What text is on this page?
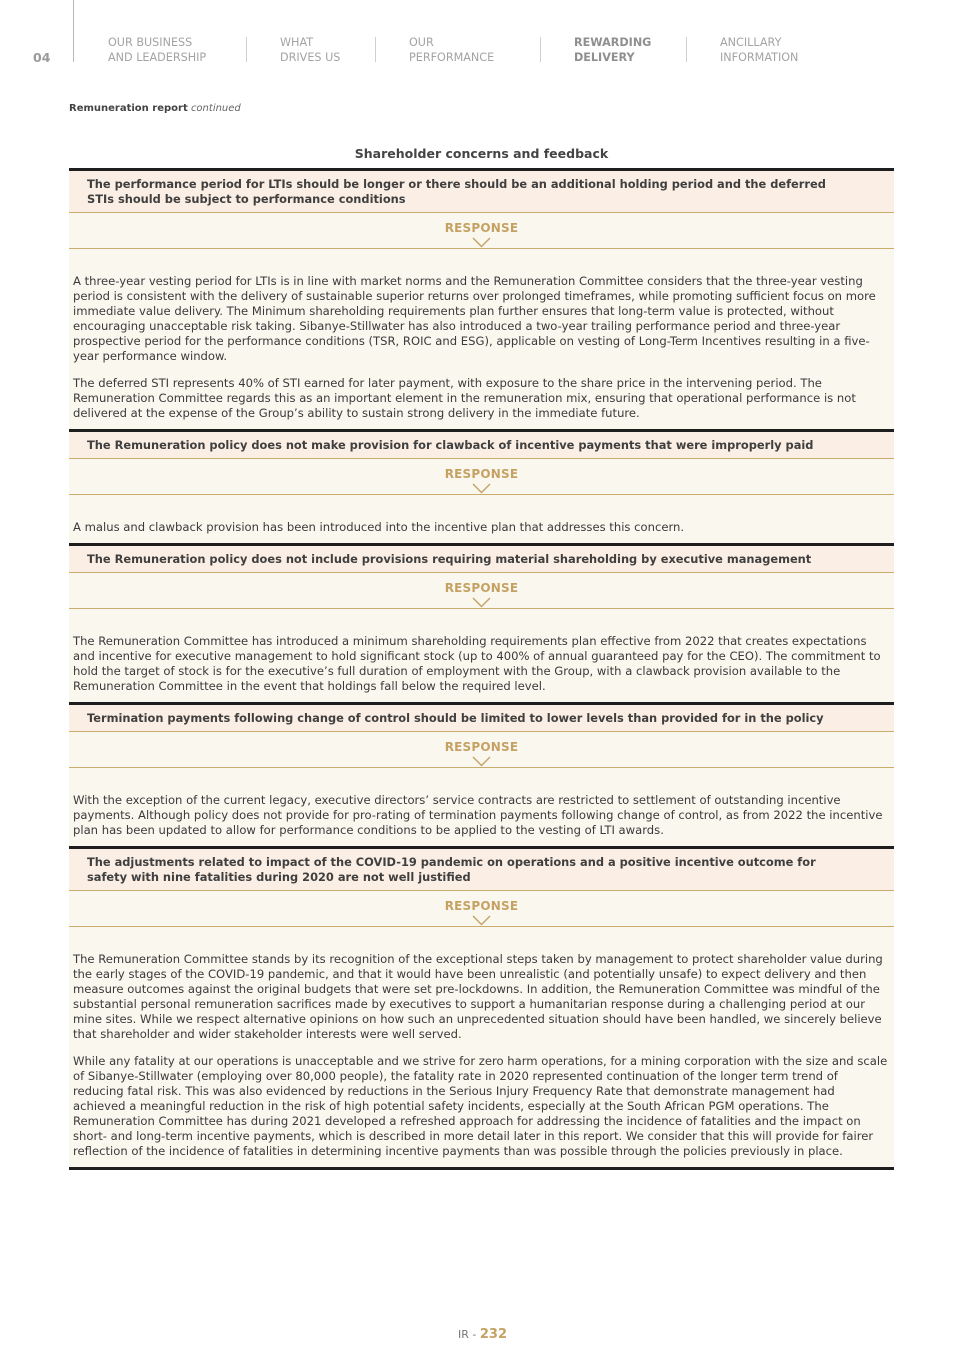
04
OUR BUSINESS
AND LEADERSHIP
WHAT
DRIVES US
OUR
PERFORMANCE
REWARDING
DELIVERY
ANCILLARY
INFORMATION
Remuneration report continued
Shareholder concerns and feedback
The performance period for LTIs should be longer or there should be an additional holding period and the deferred STIs should be subject to performance conditions
RESPONSE

A three-year vesting period for LTIs is in line with market norms and the Remuneration Committee considers that the three-year vesting period is consistent with the delivery of sustainable superior returns over prolonged timeframes, while promoting sufficient focus on more immediate value delivery. The Minimum shareholding requirements plan further ensures that long-term value is protected, without encouraging unacceptable risk taking. Sibanye-Stillwater has also introduced a two-year trailing performance period and three-year prospective period for the performance conditions (TSR, ROIC and ESG), applicable on vesting of Long-Term Incentives resulting in a five-year performance window.

The deferred STI represents 40% of STI earned for later payment, with exposure to the share price in the intervening period. The Remuneration Committee regards this as an important element in the remuneration mix, ensuring that operational performance is not delivered at the expense of the Group’s ability to sustain strong delivery in the immediate future.

The Remuneration policy does not make provision for clawback of incentive payments that were improperly paid
RESPONSE

A malus and clawback provision has been introduced into the incentive plan that addresses this concern.

The Remuneration policy does not include provisions requiring material shareholding by executive management
RESPONSE

The Remuneration Committee has introduced a minimum shareholding requirements plan effective from 2022 that creates expectations and incentive for executive management to hold significant stock (up to 400% of annual guaranteed pay for the CEO). The commitment to hold the target of stock is for the executive’s full duration of employment with the Group, with a clawback provision available to the Remuneration Committee in the event that holdings fall below the required level.

Termination payments following change of control should be limited to lower levels than provided for in the policy
RESPONSE

With the exception of the current legacy, executive directors’ service contracts are restricted to settlement of outstanding incentive payments. Although policy does not provide for pro-rating of termination payments following change of control, as from 2022 the incentive plan has been updated to allow for performance conditions to be applied to the vesting of LTI awards.

The adjustments related to impact of the COVID-19 pandemic on operations and a positive incentive outcome for safety with nine fatalities during 2020 are not well justified
RESPONSE

The Remuneration Committee stands by its recognition of the exceptional steps taken by management to protect shareholder value during the early stages of the COVID-19 pandemic, and that it would have been unrealistic (and potentially unsafe) to expect delivery and then measure outcomes against the original budgets that were set pre-lockdowns. In addition, the Remuneration Committee was mindful of the substantial personal remuneration sacrifices made by executives to support a humanitarian response during a challenging period at our mine sites. While we respect alternative opinions on how such an unprecedented situation should have been handled, we sincerely believe that shareholder and wider stakeholder interests were well served.

While any fatality at our operations is unacceptable and we strive for zero harm operations, for a mining corporation with the size and scale of Sibanye-Stillwater (employing over 80,000 people), the fatality rate in 2020 represented continuation of the longer term trend of reducing fatal risk. This was also evidenced by reductions in the Serious Injury Frequency Rate that demonstrate management had achieved a meaningful reduction in the risk of high potential safety incidents, especially at the South African PGM operations. The Remuneration Committee has during 2021 developed a refreshed approach for addressing the incidence of fatalities and the impact on short- and long-term incentive payments, which is described in more detail later in this report. We consider that this will provide for fairer reflection of the incidence of fatalities in determining incentive payments than was possible through the policies previously in place.

IR - 232
